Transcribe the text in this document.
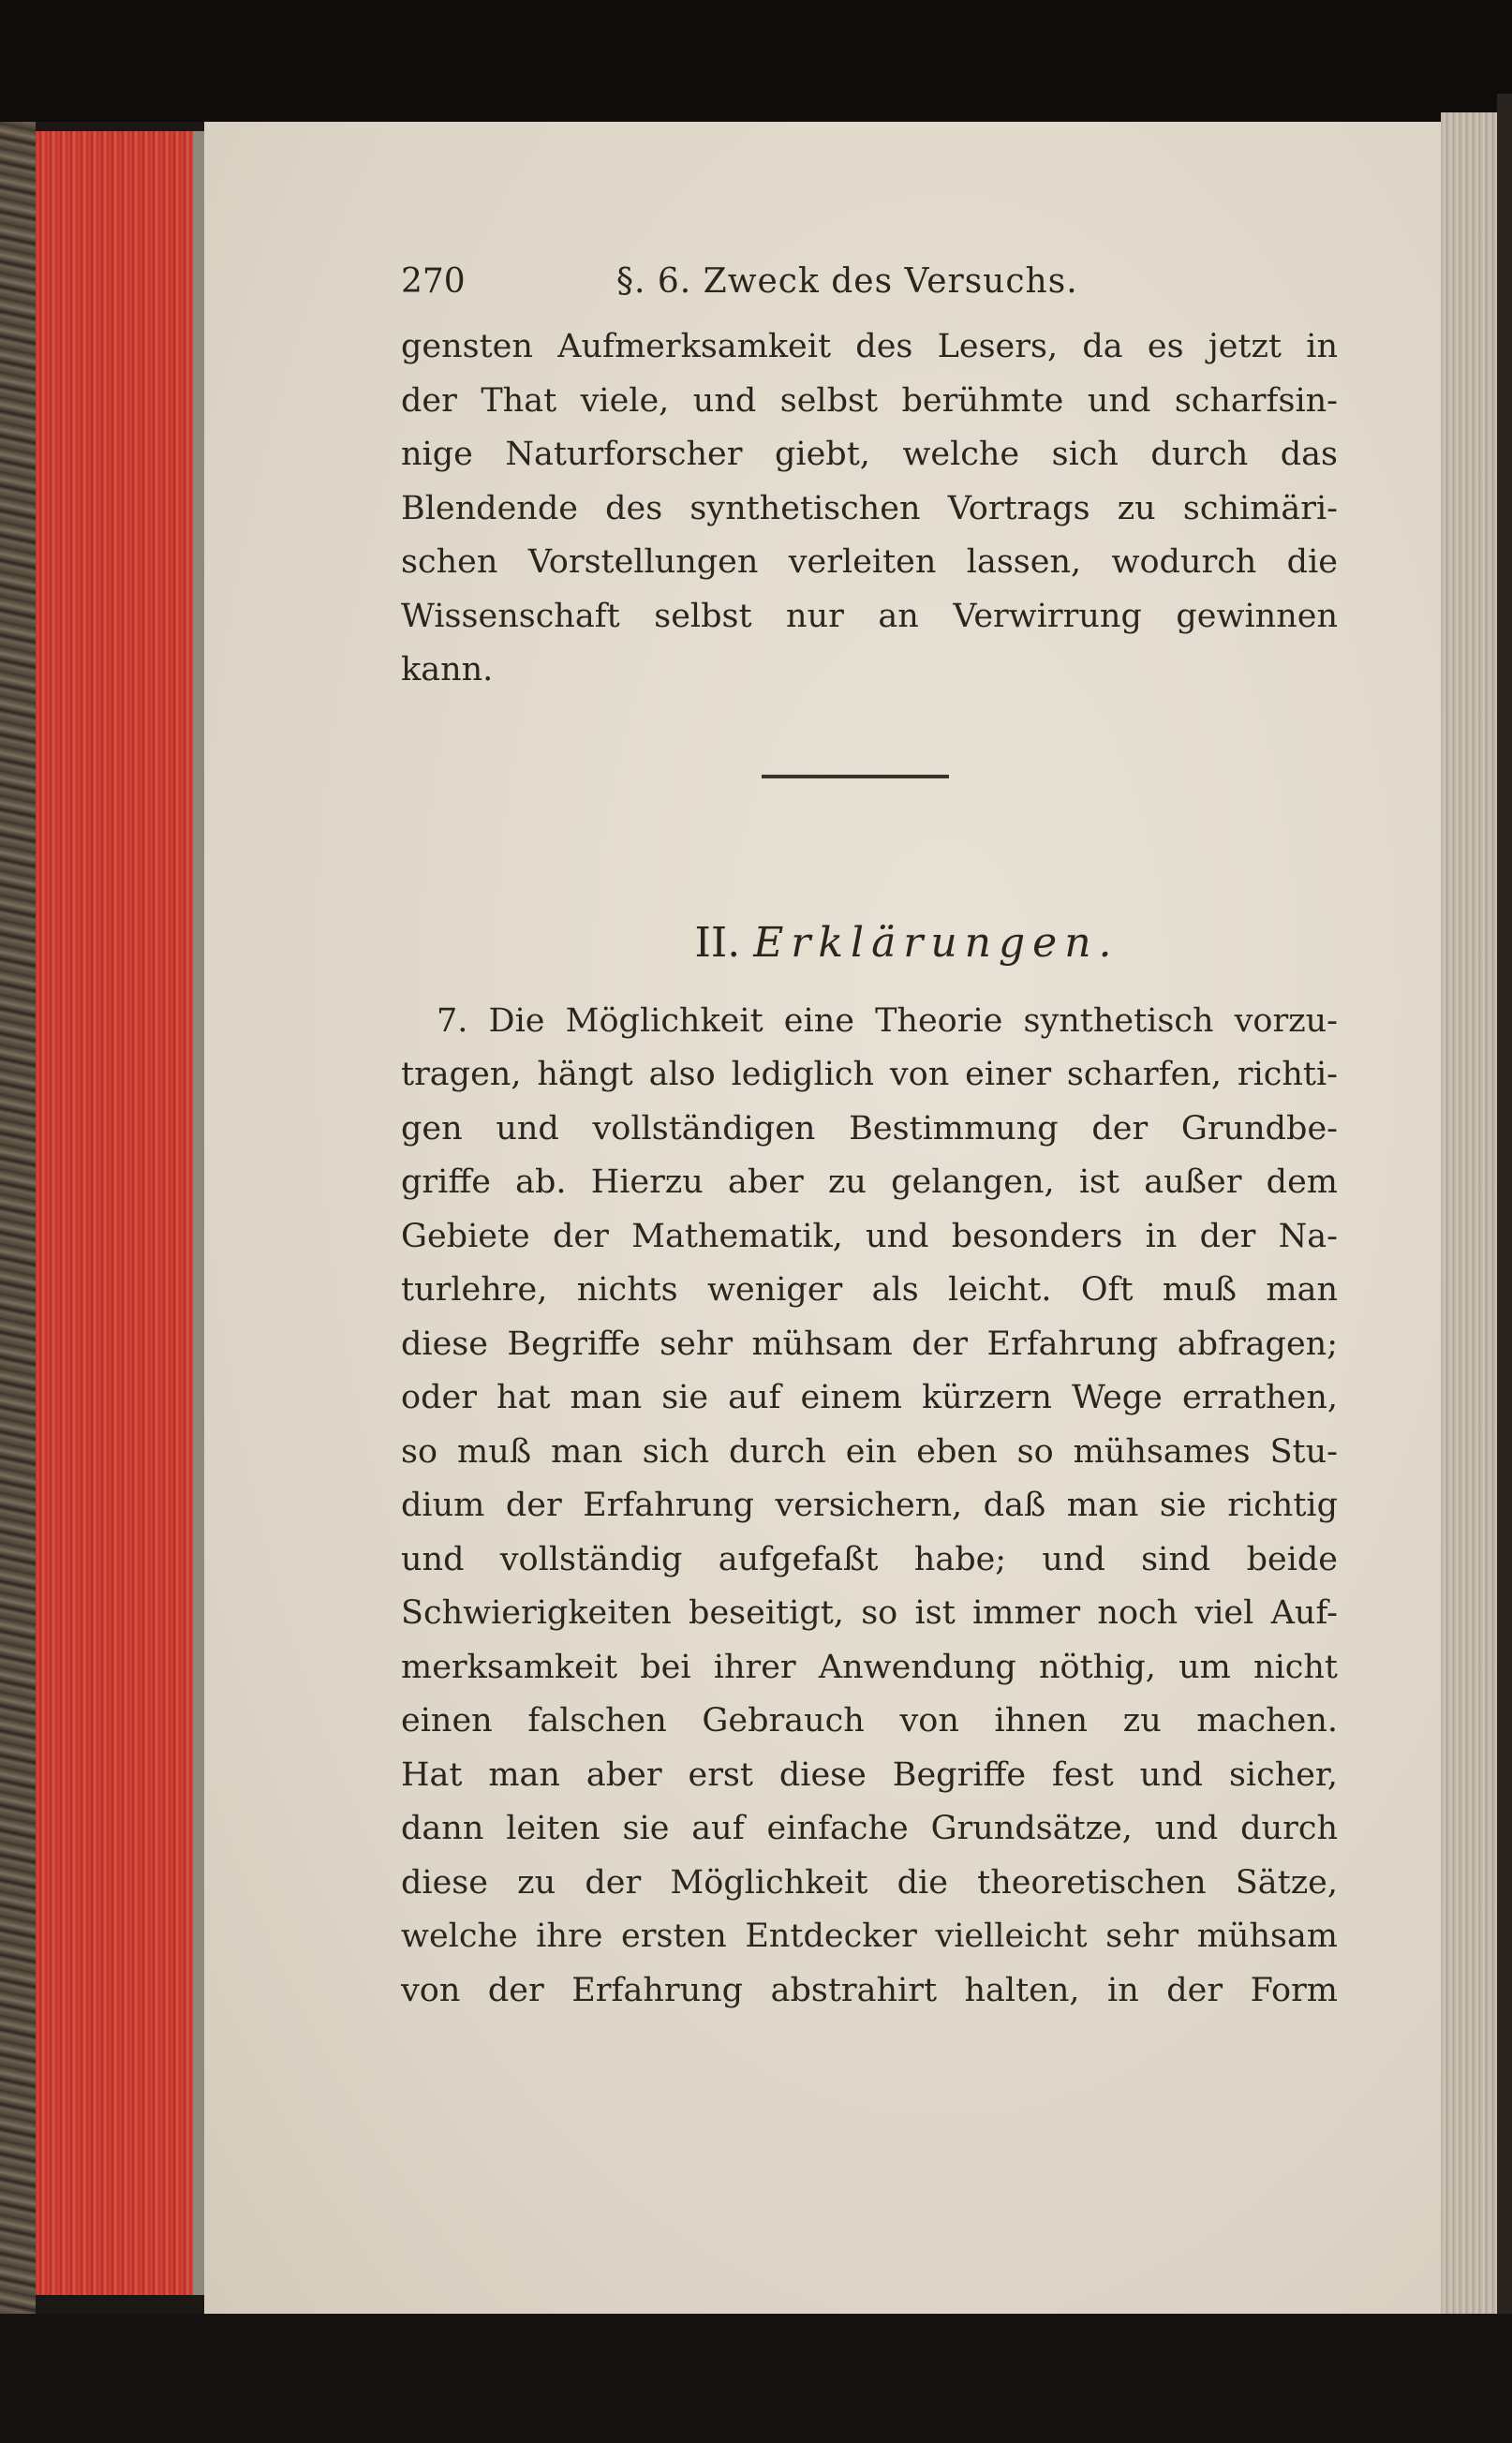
270	§. 6. Zweck des Versuchs.

gensten Aufmerksamkeit des Lesers, da es jetzt in
der That viele, und selbst berühmte und scharfsin-
nige Naturforscher giebt, welche sich durch das
Blendende des synthetischen Vortrags zu schimäri-
schen Vorstellungen verleiten lassen, wodurch die
Wissenschaft selbst nur an Verwirrung gewinnen
kann.

II. Erklärungen.

7. Die Möglichkeit eine Theorie synthetisch vorzu-
tragen, hängt also lediglich von einer scharfen, richti-
gen und vollständigen Bestimmung der Grundbe-
griffe ab. Hierzu aber zu gelangen, ist außer dem
Gebiete der Mathematik, und besonders in der Na-
turlehre, nichts weniger als leicht. Oft muß man
diese Begriffe sehr mühsam der Erfahrung abfragen;
oder hat man sie auf einem kürzern Wege errathen,
so muß man sich durch ein eben so mühsames Stu-
dium der Erfahrung versichern, daß man sie richtig
und vollständig aufgefaßt habe; und sind beide
Schwierigkeiten beseitigt, so ist immer noch viel Auf-
merksamkeit bei ihrer Anwendung nöthig, um nicht
einen falschen Gebrauch von ihnen zu machen.
Hat man aber erst diese Begriffe fest und sicher,
dann leiten sie auf einfache Grundsätze, und durch
diese zu der Möglichkeit die theoretischen Sätze,
welche ihre ersten Entdecker vielleicht sehr mühsam
von der Erfahrung abstrahirt halten, in der Form
